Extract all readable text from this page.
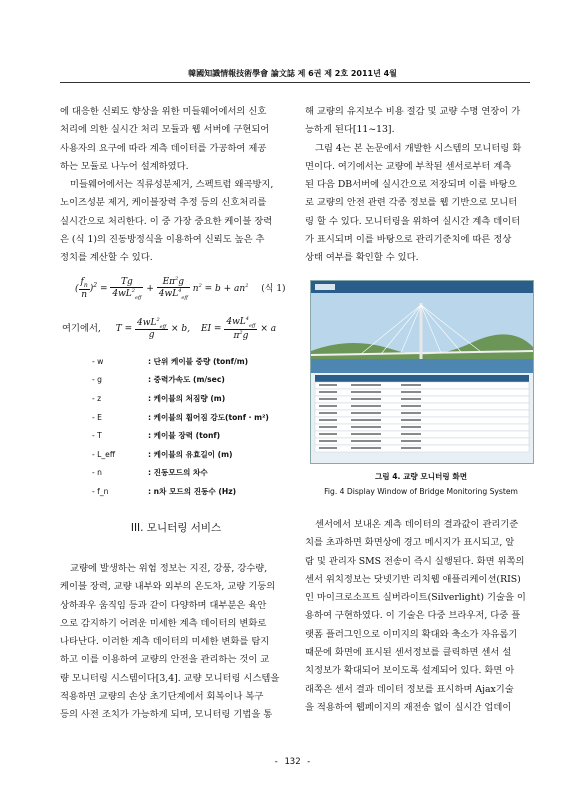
韓國知識情報技術學會 論文誌 제 6권 제 2호 2011년 4월

에 대응한 신뢰도 향상을 위한 미들웨어에서의 신호

처리에 의한 실시간 처리 모듈과 웹 서버에 구현되어

사용자의 요구에 따라 계측 데이터를 가공하여 제공

하는 모듈로 나누어 설계하였다.

미들웨어에서는 직류성분제거, 스펙트럼 왜곡방지,

노이즈성분 제거, 케이블장력 추정 등의 신호처리를

실시간으로 처리한다. 이 중 가장 중요한 케이블 장력

은 (식 1)의 진동방정식을 이용하여 신뢰도 높은 추

정치를 계산할 수 있다.

( $\frac{f_n}{n} )^2 = \frac{Tg}{4wL^2_{eff}} + \frac{E\pi^2g}{4wL^4_{eff}} n^2 = b + an^2$ (식 1)
여기에서, $T = \frac{4wL^2_{eff}}{g} \times b$, EI = $\frac{4wL^4_{eff}}{\pi^2g} \times a$
- w	: 단위 케이블 중량 (tonf/m)
- g	: 중력가속도 (m/sec)
- z	: 케이블의 처짐량 (m)
- E	: 케이블의 휨어짐 강도(tonf · m²)
- T	: 케이블 장력 (tonf)
- L_eff	: 케이블의 유효길이 (m)
- n	: 진동모드의 차수
- f_n	: n차 모드의 진동수 (Hz)
III. 모니터링 서비스

교량에 발생하는 위험 정보는 지진, 강풍, 강수량,

케이블 장력, 교량 내부와 외부의 온도차, 교량 기둥의

상하좌우 움직임 등과 같이 다양하며 대부분은 육안

으로 감지하기 어려운 미세한 계측 데이터의 변화로

나타난다. 이러한 계측 데이터의 미세한 변화를 탐지

하고 이를 이용하여 교량의 안전을 관리하는 것이 교

량 모니터링 시스템이다[3,4]. 교량 모니터링 시스템을

적용하면 교량의 손상 초기단계에서 회복이나 복구

등의 사전 조치가 가능하게 되며, 모니터링 기법을 통

해 교량의 유지보수 비용 절감 및 교량 수명 연장이 가

능하게 된다[11~13].

그림 4는 본 논문에서 개발한 시스템의 모니터링 화

면이다. 여기에서는 교량에 부착된 센서로부터 계측

된 다음 DB서버에 실시간으로 저장되며 이를 바탕으

로 교량의 안전 관련 각종 정보를 웹 기반으로 모니터

링 할 수 있다. 모니터링을 위하여 실시간 계측 데이터

가 표시되며 이를 바탕으로 관리기준치에 따른 정상

상태 여부를 확인할 수 있다.

그림 4. 교량 모니터링 화면
Fig. 4 Display Window of Bridge Monitoring System

센서에서 보내온 계측 데이터의 결과값이 관리기준

치를 초과하면 화면상에 경고 메시지가 표시되고, 알

람 및 관리자 SMS 전송이 즉시 실행된다. 화면 위쪽의

센서 위치정보는 닷넷기반 리치웹 애플리케이션(RIS)

인 마이크로소프트 실버라이트(Silverlight) 기술을 이

용하여 구현하였다. 이 기술은 다중 브라우저, 다중 플

랫폼 플러그인으로 이미지의 확대와 축소가 자유롭기

때문에 화면에 표시된 센서정보를 클릭하면 센서 설

치정보가 확대되어 보이도록 설계되어 있다. 화면 아

래쪽은 센서 결과 데이터 정보를 표시하며 Ajax기술

을 적용하여 웹페이지의 재전송 없이 실시간 업데이

- 132 -
